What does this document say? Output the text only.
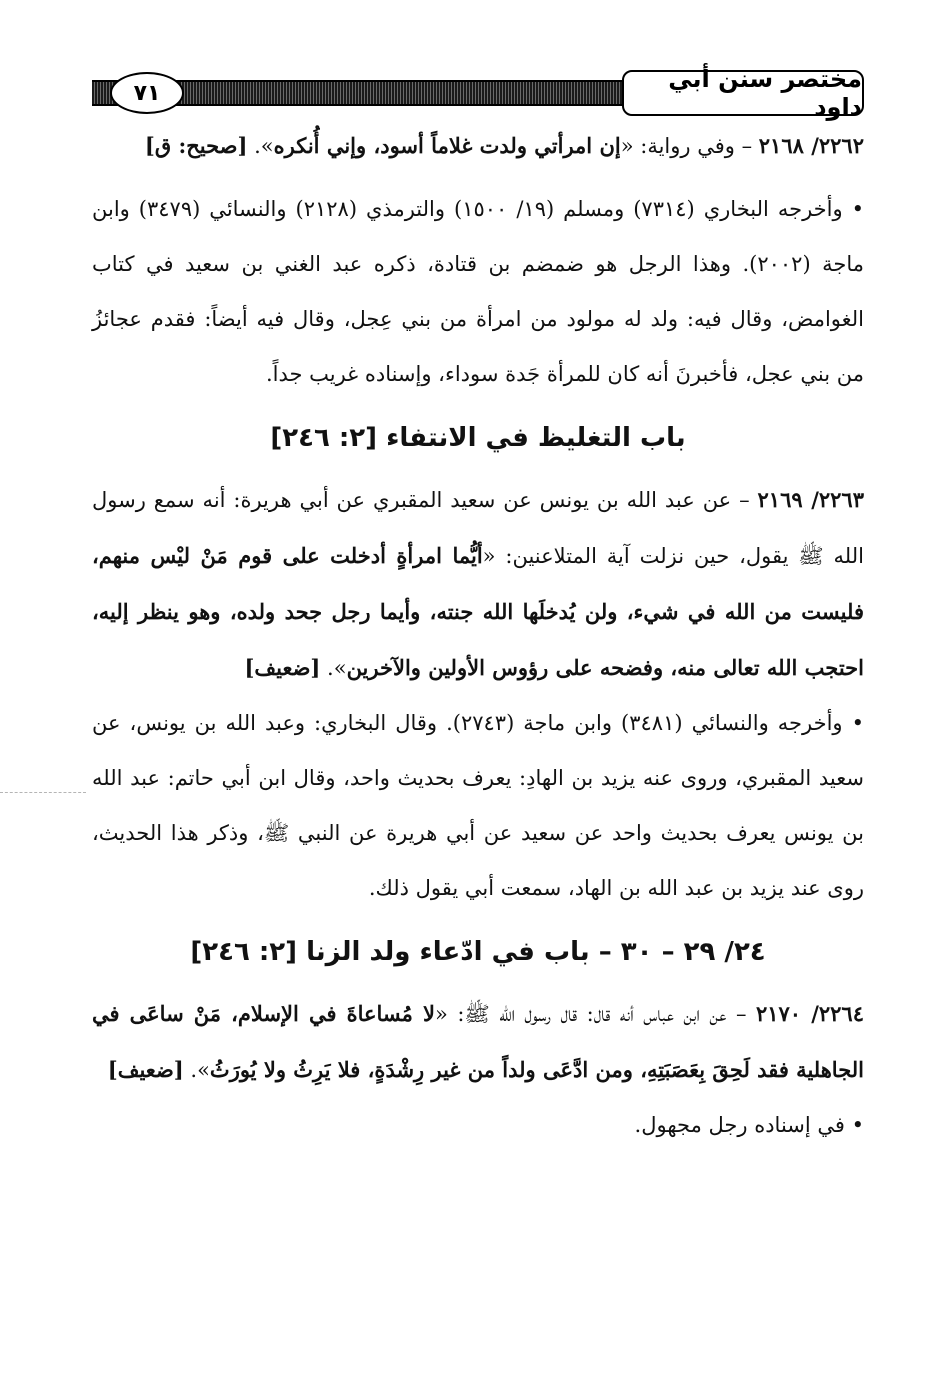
٧١	مختصر سنن أبي داود

٢٢٦٢/ ٢١٦٨ – وفي رواية: «إن امرأتي ولدت غلاماً أسود، وإني أُنكره». [صحيح: ق]

• وأخرجه البخاري (٧٣١٤) ومسلم (١٩/ ١٥٠٠) والترمذي (٢١٢٨) والنسائي (٣٤٧٩) وابن ماجة (٢٠٠٢). وهذا الرجل هو ضمضم بن قتادة، ذكره عبد الغني بن سعيد في كتاب الغوامض، وقال فيه: ولد له مولود من امرأة من بني عِجل، وقال فيه أيضاً: فقدم عجائزُ من بني عجل، فأخبرنَ أنه كان للمرأة جَدة سوداء، وإسناده غريب جداً.

باب التغليظ في الانتفاء [٢: ٢٤٦]

٢٢٦٣/ ٢١٦٩ – عن عبد الله بن يونس عن سعيد المقبري عن أبي هريرة: أنه سمع رسول الله ﷺ يقول، حين نزلت آية المتلاعنين: «أيُّما امرأةٍ أدخلت على قوم مَنْ ليْس منهم، فليست من الله في شيء، ولن يُدخلَها الله جنته، وأيما رجل جحد ولده، وهو ينظر إليه، احتجب الله تعالى منه، وفضحه على رؤوس الأولين والآخرين». [ضعيف]

• وأخرجه والنسائي (٣٤٨١) وابن ماجة (٢٧٤٣). وقال البخاري: وعبد الله بن يونس، عن سعيد المقبري، وروى عنه يزيد بن الهادِ: يعرف بحديث واحد، وقال ابن أبي حاتم: عبد الله بن يونس يعرف بحديث واحد عن سعيد عن أبي هريرة عن النبي ﷺ، وذكر هذا الحديث، روى عند يزيد بن عبد الله بن الهاد، سمعت أبي يقول ذلك.

٢٤/ ٢٩ – ٣٠ – باب في ادّعاء ولد الزنا [٢: ٢٤٦]

٢٢٦٤/ ٢١٧٠ – عن ابن عباس أنه قال: قال رسول الله ﷺ: «لا مُساعاةَ في الإسلام، مَنْ ساعَى في الجاهلية فقد لَحِقَ بِعَصَبَتِهِ، ومن ادَّعَى ولداً من غير رِشْدَةٍ، فلا يَرِثُ ولا يُورَثُ». [ضعيف]

• في إسناده رجل مجهول.
